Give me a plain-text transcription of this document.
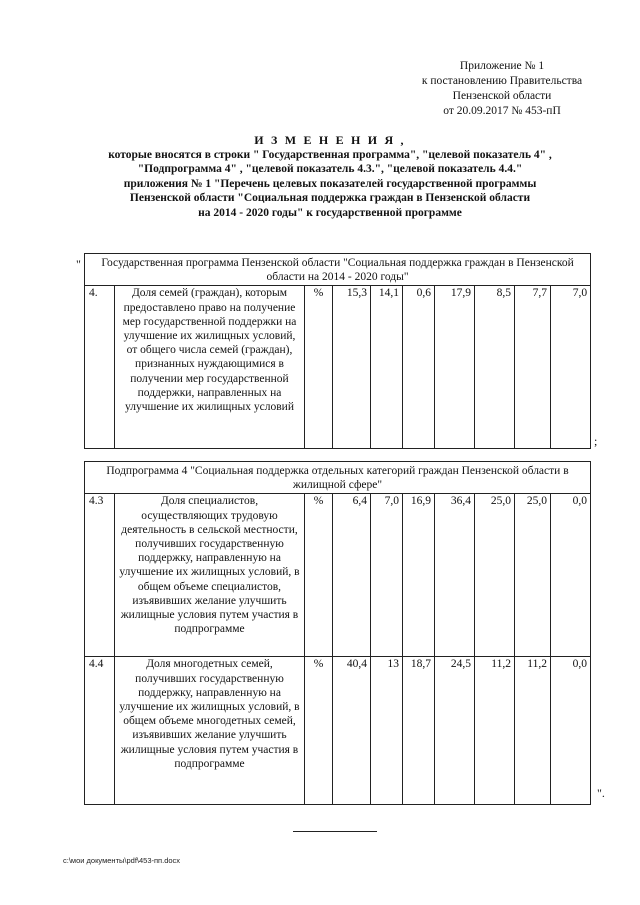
Приложение № 1
к постановлению Правительства
Пензенской области
от 20.09.2017 № 453-пП
И З М Е Н Е Н И Я ,
которые вносятся в строки " Государственная программа", "целевой показатель 4" ,
"Подпрограмма 4" , "целевой показатель 4.3.", "целевой показатель 4.4."
приложения № 1 "Перечень целевых показателей государственной программы
Пензенской области "Социальная поддержка граждан в Пензенской области
на 2014 - 2020 годы" к государственной программе
" Государственная программа Пензенской области "Социальная поддержка граждан в Пензенской области на 2014 - 2020 годы"
4.	Доля семей (граждан), которым предоставлено право на получение мер государственной поддержки на улучшение их жилищных условий, от общего числа семей (граждан), признанных нуждающимися в получении мер государственной поддержки, направленных на улучшение их жилищных условий	%	15,3	14,1	0,6	17,9	8,5	7,7	7,0
;
Подпрограмма 4 "Социальная поддержка отдельных категорий граждан Пензенской области в жилищной сфере"									
4.3	Доля специалистов, осуществляющих трудовую деятельность в сельской местности, получивших государственную поддержку, направленную на улучшение их жилищных условий, в общем объеме специалистов, изъявивших желание улучшить жилищные условия путем участия в подпрограмме	%	6,4	7,0	16,9	36,4	25,0	25,0	0,0
4.4	Доля многодетных семей, получивших государственную поддержку, направленную на улучшение их жилищных условий, в общем объеме многодетных семей, изъявивших желание улучшить жилищные условия путем участия в подпрограмме	%	40,4	13	18,7	24,5	11,2	11,2	0,0
".
c:\мои документы\pdf\453-пп.docx
